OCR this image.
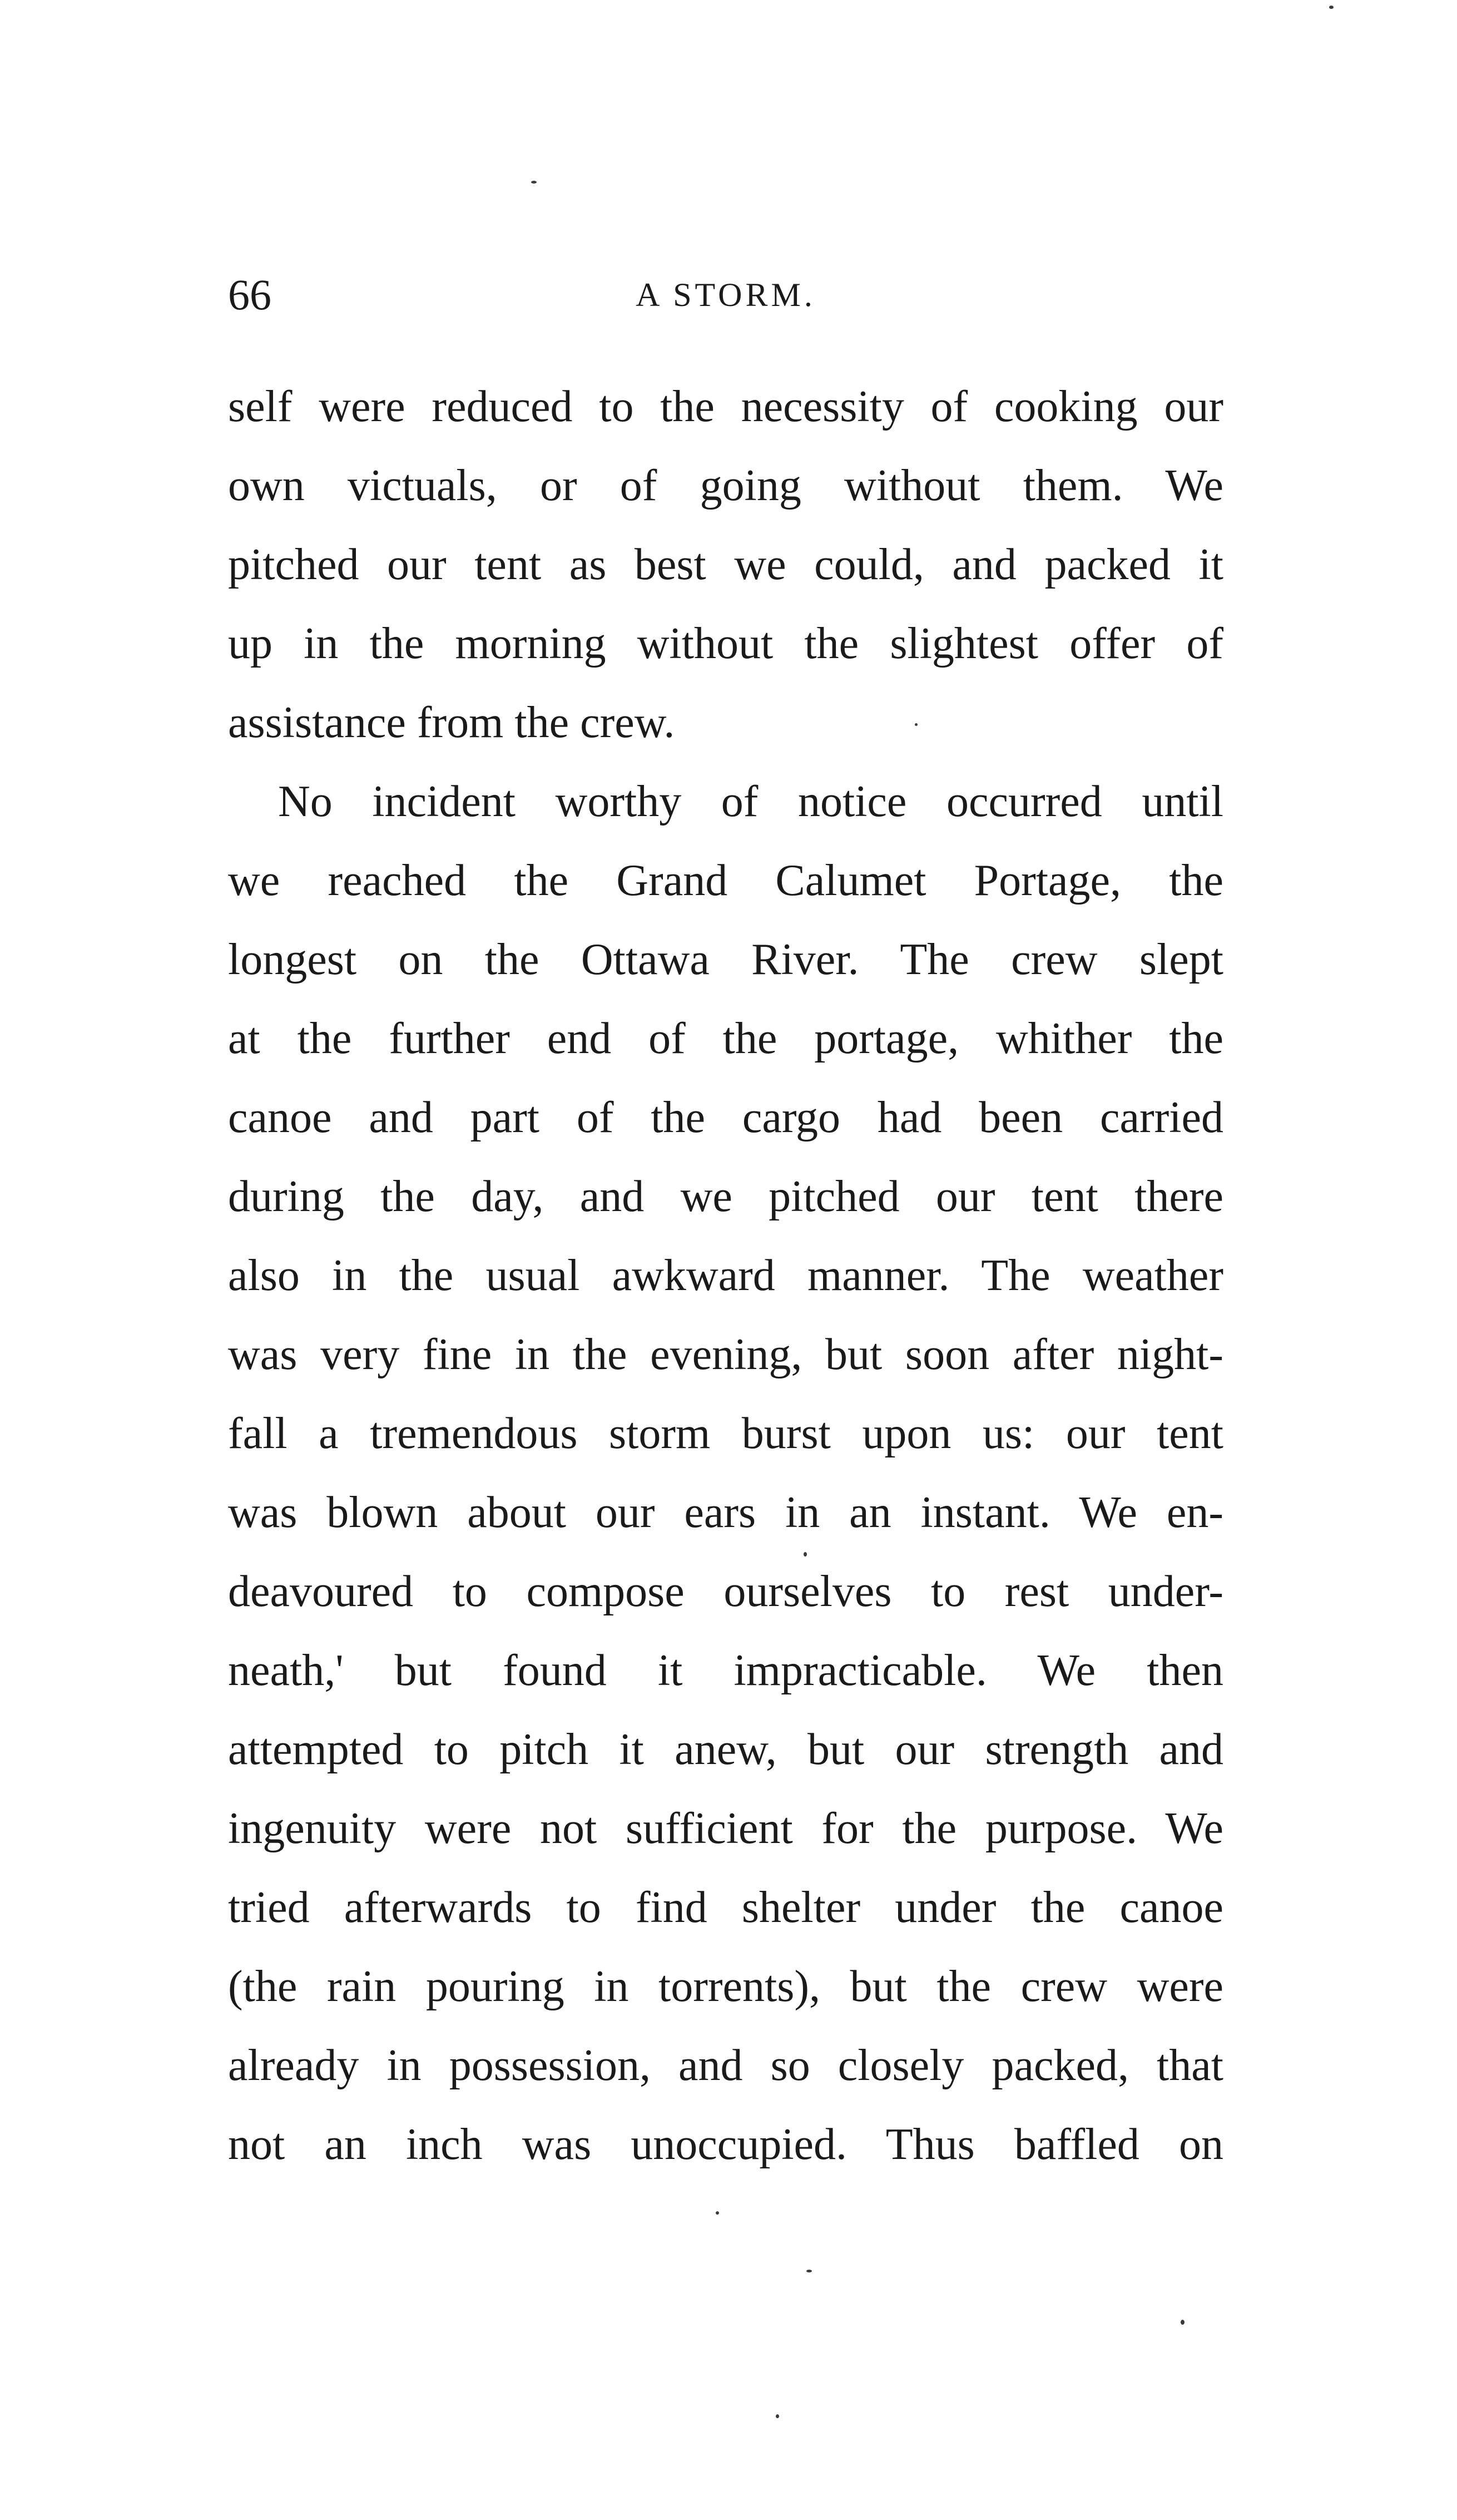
66	A STORM.
self were reduced to the necessity of cooking our
own victuals, or of going without them. We
pitched our tent as best we could, and packed it
up in the morning without the slightest offer of
assistance from the crew.
No incident worthy of notice occurred until
we reached the Grand Calumet Portage, the
longest on the Ottawa River. The crew slept
at the further end of the portage, whither the
canoe and part of the cargo had been carried
during the day, and we pitched our tent there
also in the usual awkward manner. The weather
was very fine in the evening, but soon after night-
fall a tremendous storm burst upon us: our tent
was blown about our ears in an instant. We en-
deavoured to compose ourselves to rest under-
neath,' but found it impracticable. We then
attempted to pitch it anew, but our strength and
ingenuity were not sufficient for the purpose. We
tried afterwards to find shelter under the canoe
(the rain pouring in torrents), but the crew were
already in possession, and so closely packed, that
not an inch was unoccupied. Thus baffled on
